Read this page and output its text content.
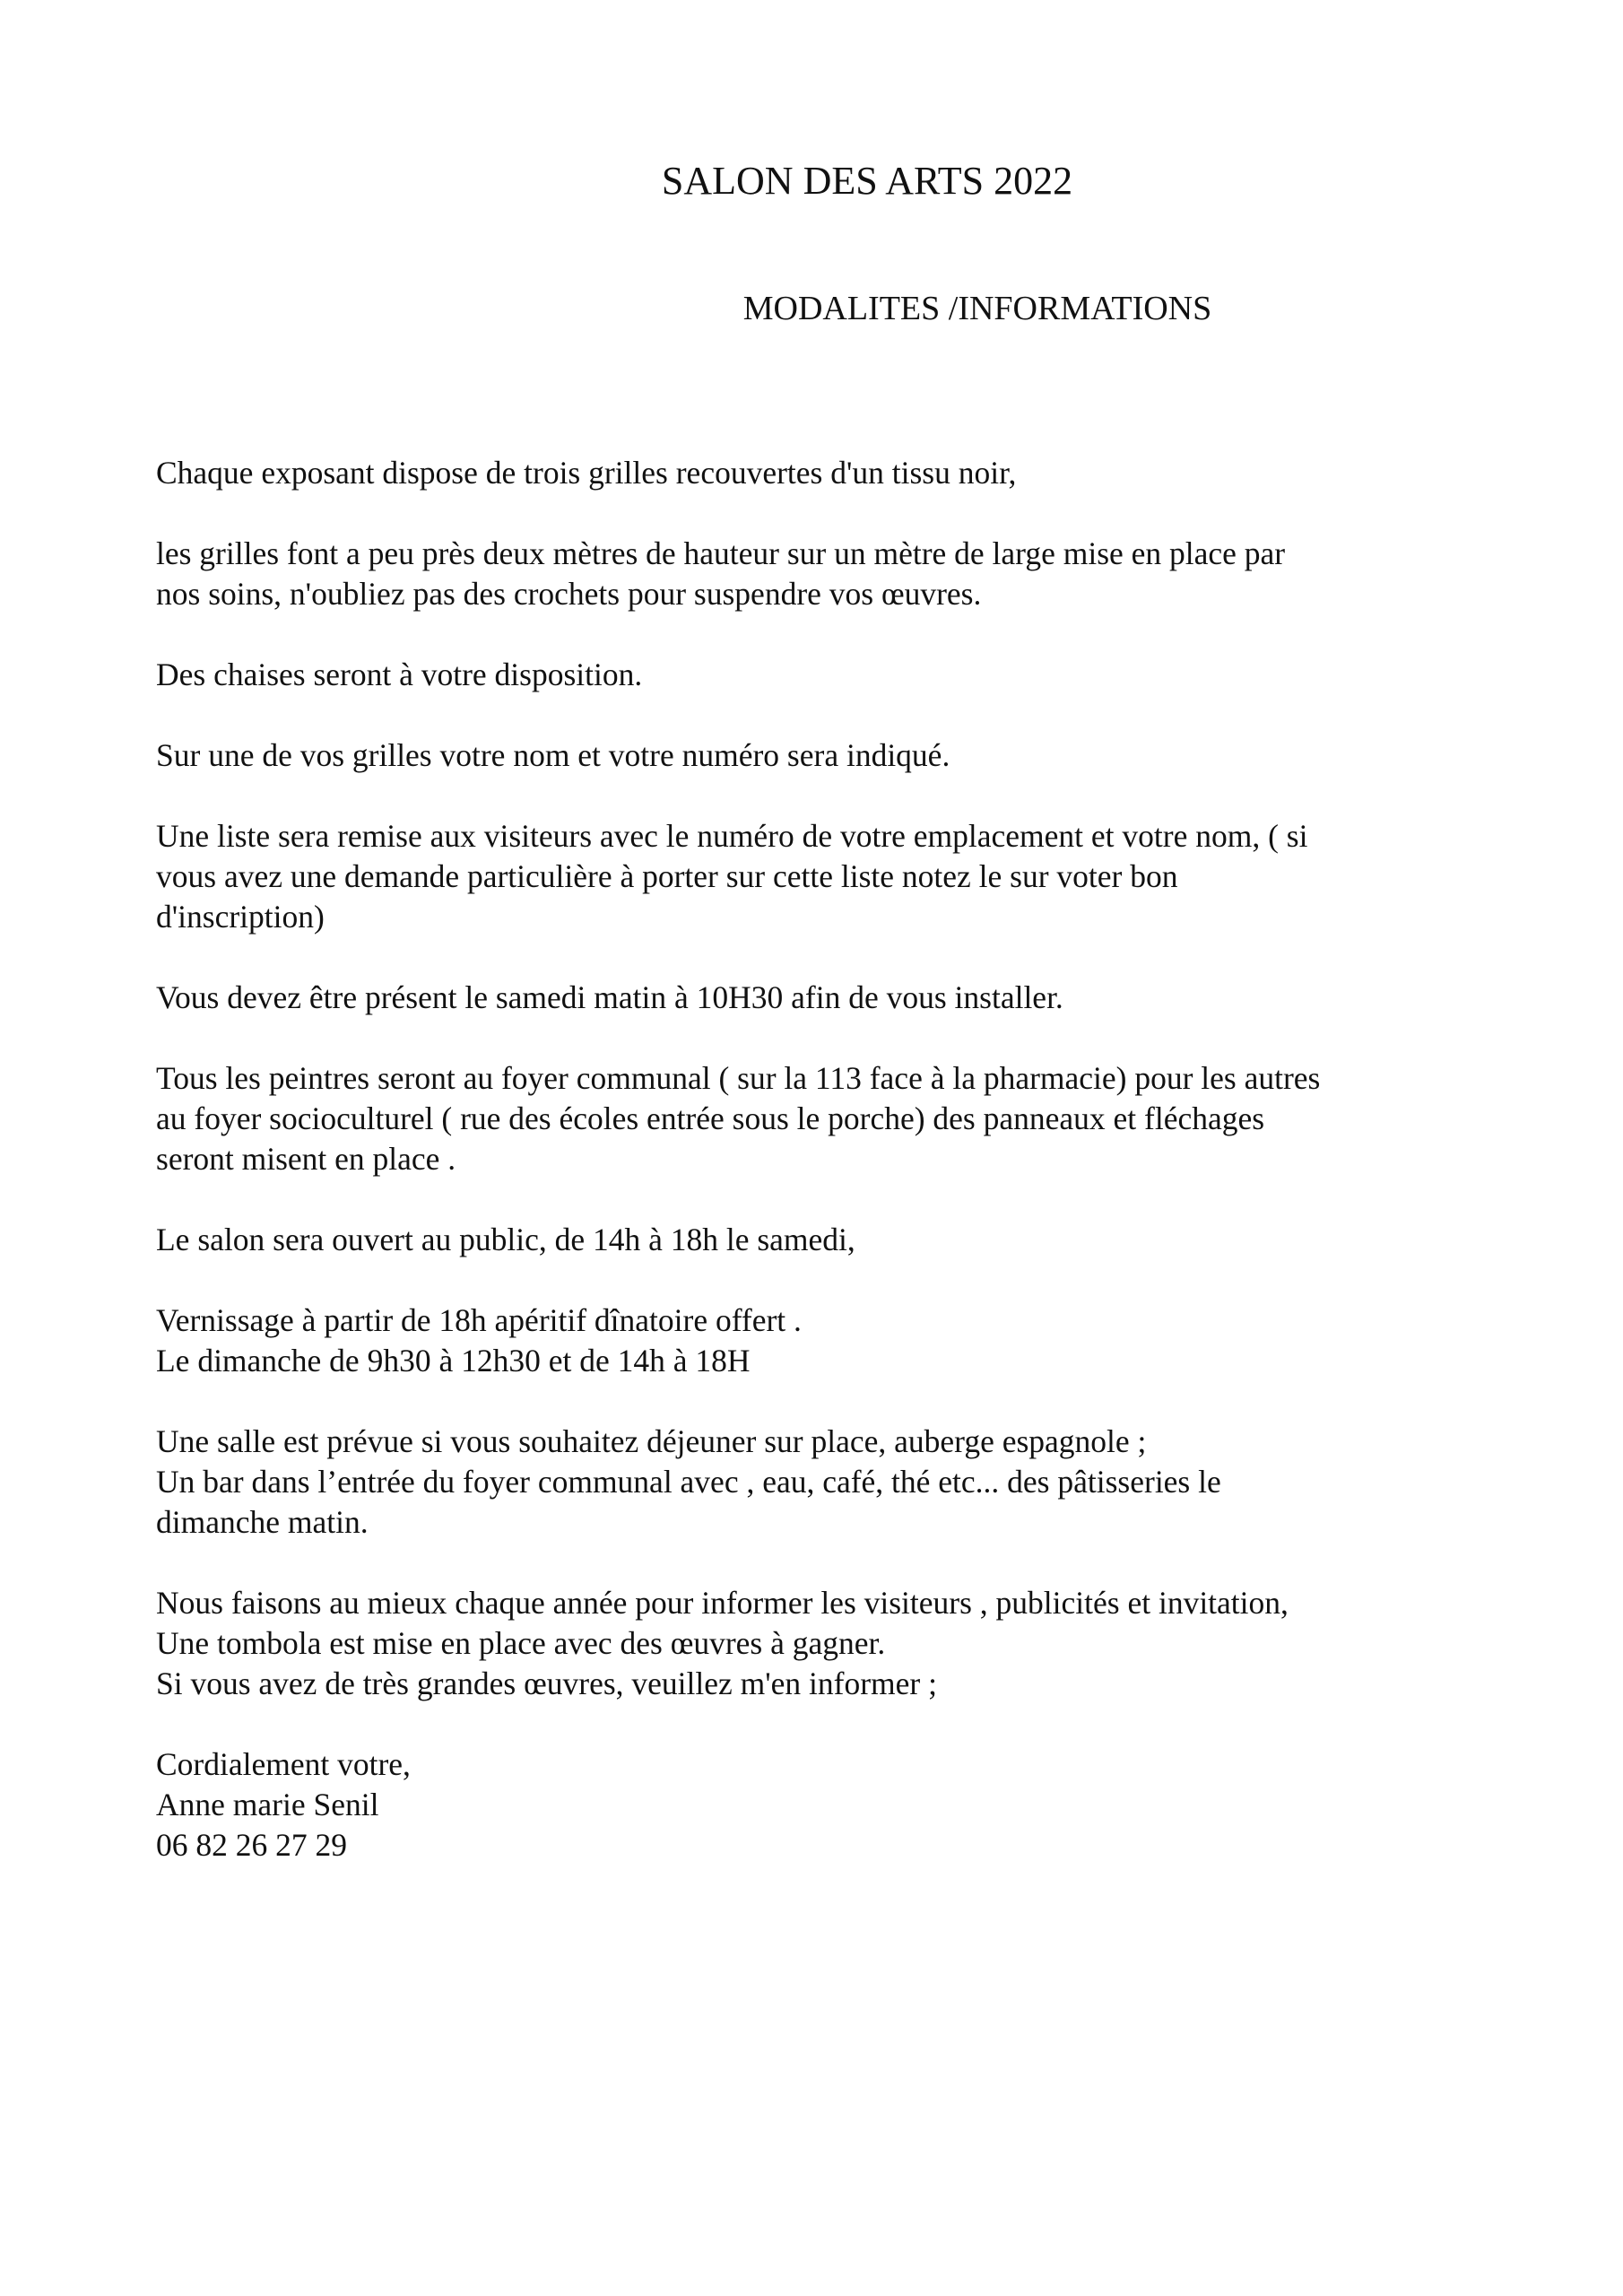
SALON DES ARTS 2022
MODALITES /INFORMATIONS
Chaque exposant dispose de trois grilles recouvertes d'un tissu noir,
les grilles font a peu près deux mètres de hauteur sur un mètre de large mise en place par
nos soins, n'oubliez pas des crochets pour suspendre vos œuvres.
Des chaises seront à votre disposition.
Sur une de vos grilles votre nom et votre numéro sera indiqué.
Une liste sera remise aux visiteurs avec le numéro de votre emplacement et votre nom, ( si
vous avez une demande particulière à porter sur cette liste notez le sur voter bon
d'inscription)
Vous devez être présent le samedi matin à 10H30 afin de vous installer.
Tous les peintres seront au foyer communal ( sur la 113 face à la pharmacie) pour les autres
au foyer socioculturel ( rue des écoles entrée sous le porche) des panneaux et fléchages
seront misent en place .
Le salon sera ouvert au public, de 14h à 18h le samedi,
Vernissage à partir de 18h apéritif dînatoire offert .
Le dimanche de 9h30 à 12h30 et de 14h à 18H
Une salle est prévue si vous souhaitez déjeuner sur place, auberge espagnole ;
Un bar dans l’entrée du foyer communal avec , eau, café, thé etc... des pâtisseries le
dimanche matin.
Nous faisons au mieux chaque année pour informer les visiteurs , publicités et invitation,
Une tombola est mise en place avec des œuvres à gagner.
Si vous avez de très grandes œuvres, veuillez m'en informer ;
Cordialement votre,
Anne marie Senil
06 82 26 27 29
